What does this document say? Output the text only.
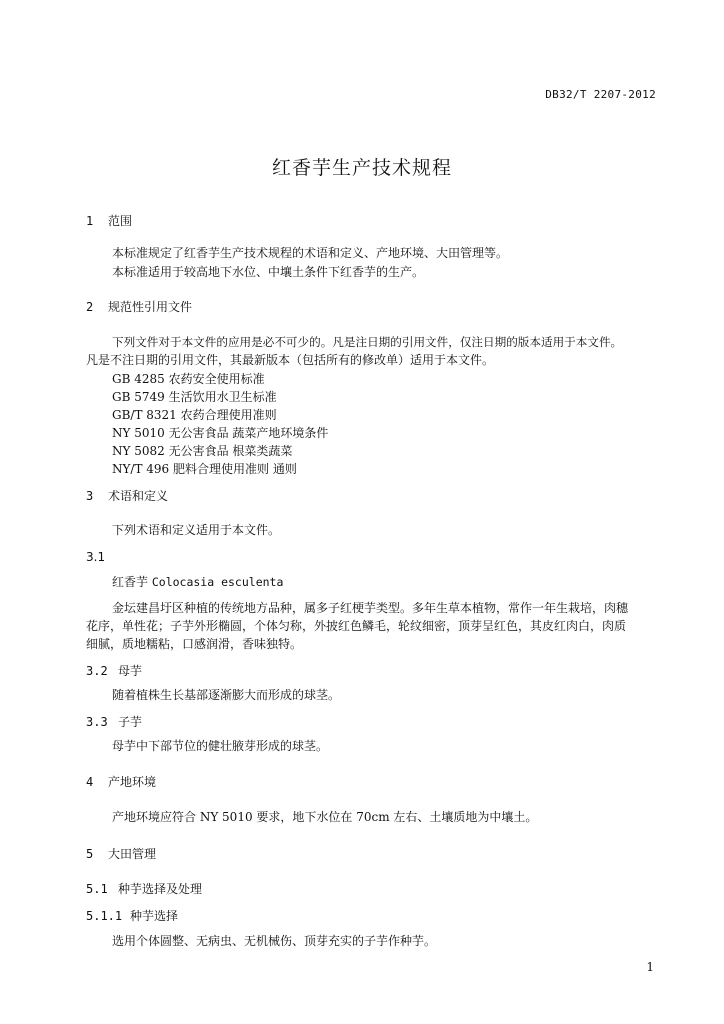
DB32/T 2207-2012
红香芋生产技术规程
1 范围
本标准规定了红香芋生产技术规程的术语和定义、产地环境、大田管理等。
本标准适用于较高地下水位、中壤土条件下红香芋的生产。
2 规范性引用文件
下列文件对于本文件的应用是必不可少的。凡是注日期的引用文件，仅注日期的版本适用于本文件。
凡是不注日期的引用文件，其最新版本（包括所有的修改单）适用于本文件。
GB 4285 农药安全使用标准
GB 5749 生活饮用水卫生标准
GB/T 8321 农药合理使用准则
NY 5010 无公害食品 蔬菜产地环境条件
NY 5082 无公害食品 根菜类蔬菜
NY/T 496 肥料合理使用准则 通则
3 术语和定义
下列术语和定义适用于本文件。
3.1
红香芋 Colocasia esculenta
金坛建昌圩区种植的传统地方品种，属多子红梗芋类型。多年生草本植物，常作一年生栽培，肉穗
花序，单性花；子芋外形椭圆，个体匀称，外披红色鳞毛，轮纹细密，顶芽呈红色，其皮红肉白，肉质
细腻，质地糯粘，口感润滑，香味独特。
3.2 母芋
随着植株生长基部逐渐膨大而形成的球茎。
3.3 子芋
母芋中下部节位的健壮腋芽形成的球茎。
4 产地环境
产地环境应符合 NY 5010 要求，地下水位在 70cm 左右、土壤质地为中壤土。
5 大田管理
5.1 种芋选择及处理
5.1.1 种芋选择
选用个体圆整、无病虫、无机械伤、顶芽充实的子芋作种芋。
1
